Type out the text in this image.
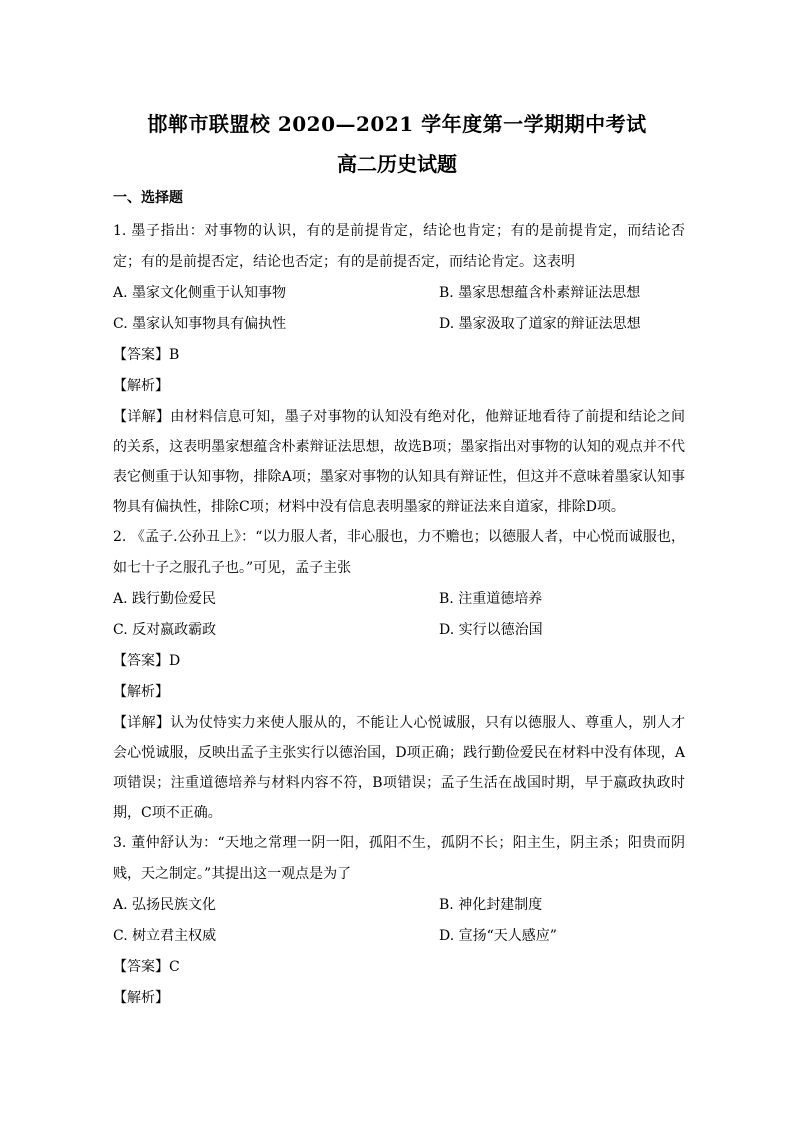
邯郸市联盟校 2020—2021 学年度第一学期期中考试
高二历史试题
一、选择题
1. 墨子指出：对事物的认识，有的是前提肯定，结论也肯定；有的是前提肯定，而结论否定；有的是前提否定，结论也否定；有的是前提否定，而结论肯定。这表明
A. 墨家文化侧重于认知事物	B. 墨家思想蕴含朴素辩证法思想
C. 墨家认知事物具有偏执性	D. 墨家汲取了道家的辩证法思想
【答案】B
【解析】
【详解】由材料信息可知，墨子对事物的认知没有绝对化，他辩证地看待了前提和结论之间的关系，这表明墨家想蕴含朴素辩证法思想，故选B项；墨家指出对事物的认知的观点并不代表它侧重于认知事物，排除A项；墨家对事物的认知具有辩证性，但这并不意味着墨家认知事物具有偏执性，排除C项；材料中没有信息表明墨家的辩证法来自道家，排除D项。
2. 《孟子.公孙丑上》：“以力服人者，非心服也，力不赡也；以德服人者，中心悦而诚服也，如七十子之服孔子也。”可见，孟子主张
A. 践行勤俭爱民	B. 注重道德培养
C. 反对嬴政霸政	D. 实行以德治国
【答案】D
【解析】
【详解】认为仗恃实力来使人服从的，不能让人心悦诚服，只有以德服人、尊重人，别人才会心悦诚服，反映出孟子主张实行以德治国，D项正确；践行勤俭爱民在材料中没有体现，A项错误；注重道德培养与材料内容不符，B项错误；孟子生活在战国时期，早于嬴政执政时期，C项不正确。
3. 董仲舒认为：“天地之常理一阴一阳，孤阳不生，孤阴不长；阳主生，阴主杀；阳贵而阴贱，天之制定。”其提出这一观点是为了
A. 弘扬民族文化	B. 神化封建制度
C. 树立君主权威	D. 宣扬“天人感应”
【答案】C
【解析】
